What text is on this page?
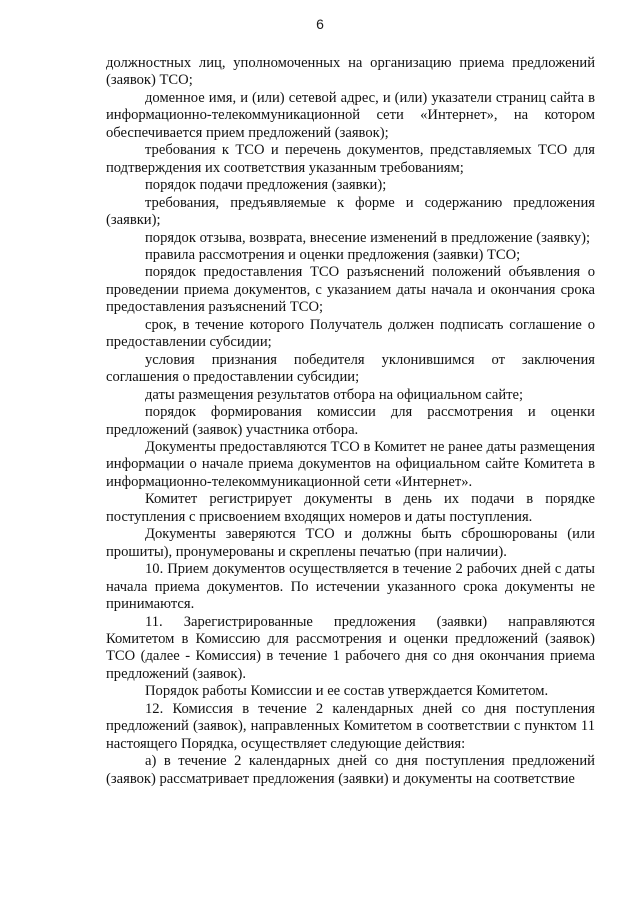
6

должностных лиц, уполномоченных на организацию приема предложений (заявок) ТСО;

доменное имя, и (или) сетевой адрес, и (или) указатели страниц сайта в информационно-телекоммуникационной сети «Интернет», на котором обеспечивается прием предложений (заявок);

требования к ТСО и перечень документов, представляемых ТСО для подтверждения их соответствия указанным требованиям;

порядок подачи предложения (заявки);

требования, предъявляемые к форме и содержанию предложения (заявки);

порядок отзыва, возврата, внесение изменений в предложение (заявку);

правила рассмотрения и оценки предложения (заявки) ТСО;

порядок предоставления ТСО разъяснений положений объявления о проведении приема документов, с указанием даты начала и окончания срока предоставления разъяснений ТСО;

срок, в течение которого Получатель должен подписать соглашение о предоставлении субсидии;

условия признания победителя уклонившимся от заключения соглашения о предоставлении субсидии;

даты размещения результатов отбора на официальном сайте;

порядок формирования комиссии для рассмотрения и оценки предложений (заявок) участника отбора.

Документы предоставляются ТСО в Комитет не ранее даты размещения информации о начале приема документов на официальном сайте Комитета в информационно-телекоммуникационной сети «Интернет».

Комитет регистрирует документы в день их подачи в порядке поступления с присвоением входящих номеров и даты поступления.

Документы заверяются ТСО и должны быть сброшюрованы (или прошиты), пронумерованы и скреплены печатью (при наличии).

10. Прием документов осуществляется в течение 2 рабочих дней с даты начала приема документов. По истечении указанного срока документы не принимаются.

11. Зарегистрированные предложения (заявки) направляются Комитетом в Комиссию для рассмотрения и оценки предложений (заявок) ТСО (далее - Комиссия) в течение 1 рабочего дня со дня окончания приема предложений (заявок).

Порядок работы Комиссии и ее состав утверждается Комитетом.

12. Комиссия в течение 2 календарных дней со дня поступления предложений (заявок), направленных Комитетом в соответствии с пунктом 11 настоящего Порядка, осуществляет следующие действия:

а) в течение 2 календарных дней со дня поступления предложений (заявок) рассматривает предложения (заявки) и документы на соответствие
